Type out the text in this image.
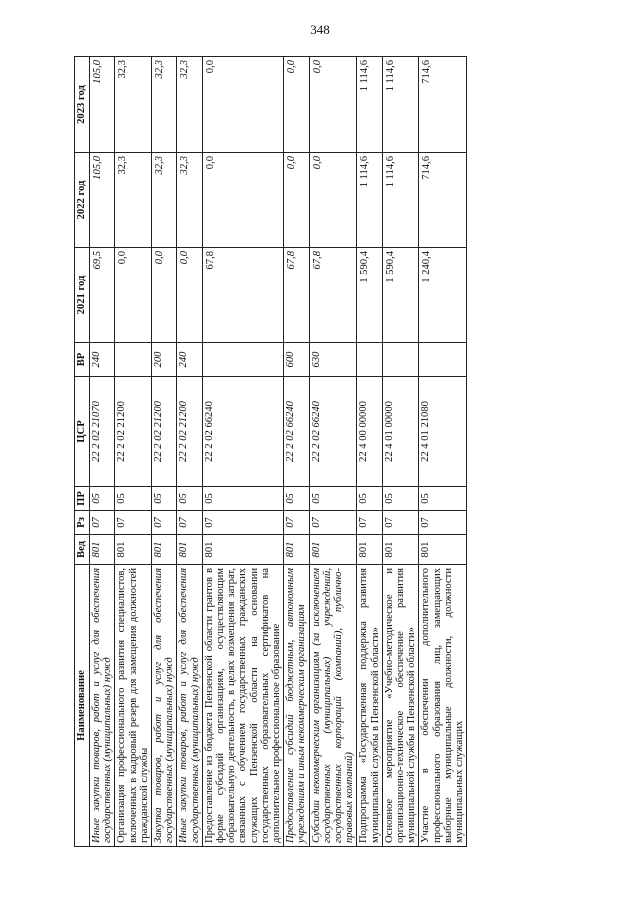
348
Наименование	Вед	Рз	ПР	ЦСР	ВР	2021 год	2022 год	2023 год
Иные закупки товаров, работ и услуг для обеспечения государственных (муниципальных) нужд	801	07	05	22 2 02 21070	240	69,5	105,0	105,0
Организация профессионального развития специалистов, включенных в кадровый резерв для замещения должностей гражданской службы	801	07	05	22 2 02 21200		0,0	32,3	32,3
Закупка товаров, работ и услуг для обеспечения государственных (муниципальных) нужд	801	07	05	22 2 02 21200	200	0,0	32,3	32,3
Иные закупки товаров, работ и услуг для обеспечения государственных (муниципальных) нужд	801	07	05	22 2 02 21200	240	0,0	32,3	32,3
Предоставление из бюджета Пензенской области грантов в форме субсидий организациям, осуществляющим образовательную деятельность, в целях возмещения затрат, связанных с обучением государственных гражданских служащих Пензенской области на основании государственных образовательных сертификатов на дополнительное профессиональное образование	801	07	05	22 2 02 66240		67,8	0,0	0,0
Предоставление субсидий бюджетным, автономным учреждениям и иным некоммерческим организациям	801	07	05	22 2 02 66240	600	67,8	0,0	0,0
Субсидии некоммерческим организациям (за исключением государственных (муниципальных) учреждений, государственных корпораций (компаний), публично-правовых компаний)	801	07	05	22 2 02 66240	630	67,8	0,0	0,0
Подпрограмма «Государственная поддержка развития муниципальной службы в Пензенской области»	801	07	05	22 4 00 00000		1 590,4	1 114,6	1 114,6
Основное мероприятие «Учебно-методическое и организационно-техническое обеспечение развития муниципальной службы в Пензенской области»	801	07	05	22 4 01 00000		1 590,4	1 114,6	1 114,6
Участие в обеспечении дополнительного профессионального образования лиц, замещающих выборные муниципальные должности, должности муниципальных служащих	801	07	05	22 4 01 21080		1 240,4	714,6	714,6
